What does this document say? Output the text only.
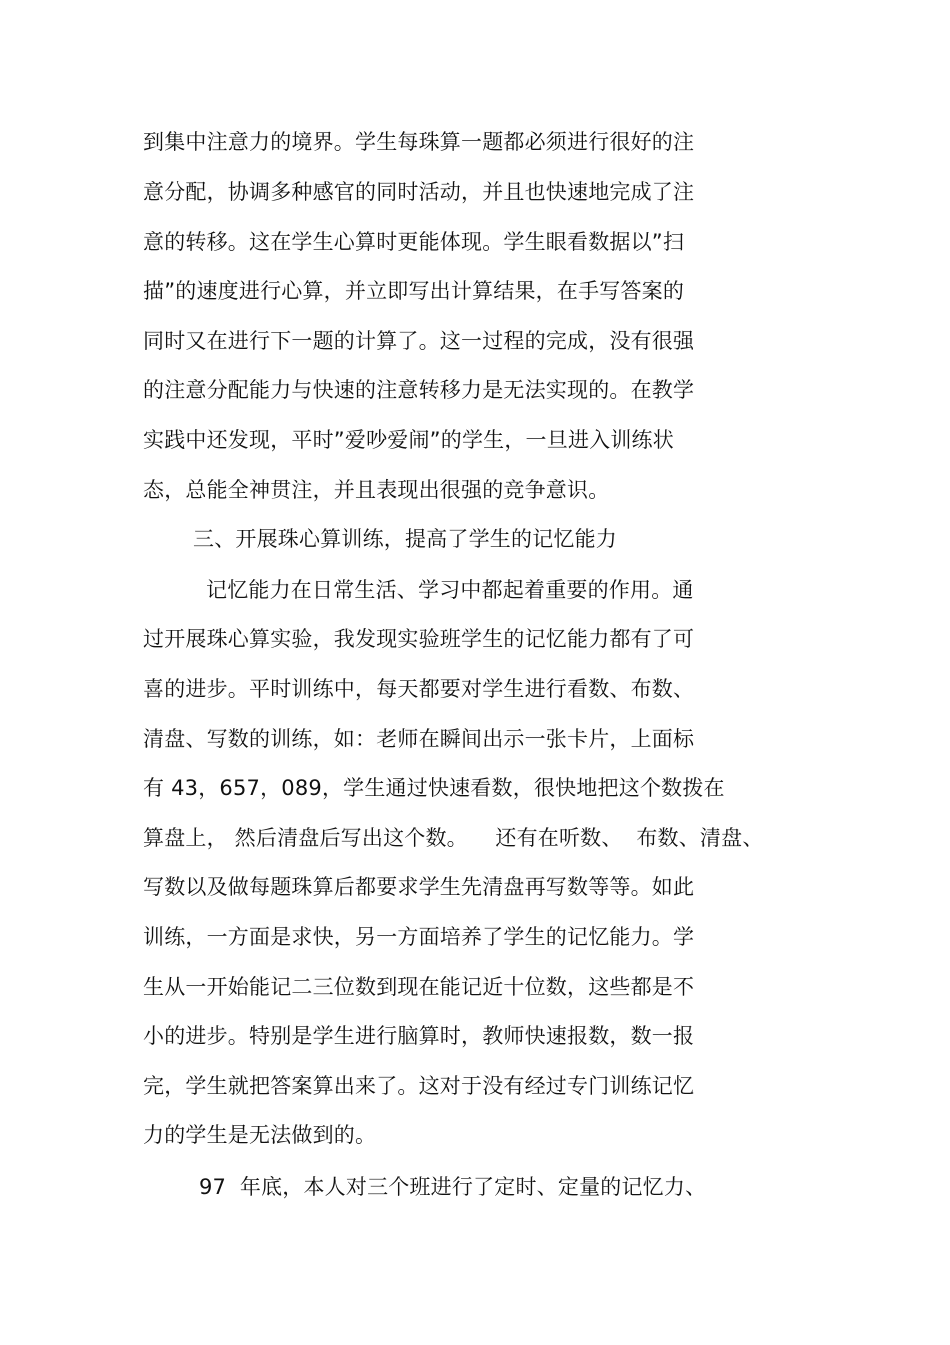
到集中注意力的境界。学生每珠算一题都必须进行很好的注
意分配，协调多种感官的同时活动，并且也快速地完成了注
意的转移。这在学生心算时更能体现。学生眼看数据以”扫
描”的速度进行心算，并立即写出计算结果，在手写答案的
同时又在进行下一题的计算了。这一过程的完成，没有很强
的注意分配能力与快速的注意转移力是无法实现的。在教学
实践中还发现，平时”爱吵爱闹”的学生，一旦进入训练状
态，总能全神贯注，并且表现出很强的竞争意识。
三、开展珠心算训练，提高了学生的记忆能力
记忆能力在日常生活、学习中都起着重要的作用。通
过开展珠心算实验，我发现实验班学生的记忆能力都有了可
喜的进步。平时训练中，每天都要对学生进行看数、布数、
清盘、写数的训练，如：老师在瞬间出示一张卡片，上面标
有 43，657，089，学生通过快速看数，很快地把这个数拨在
算盘上， 然后清盘后写出这个数。    还有在听数、  布数、清盘、
写数以及做每题珠算后都要求学生先清盘再写数等等。如此
训练，一方面是求快，另一方面培养了学生的记忆能力。学
生从一开始能记二三位数到现在能记近十位数，这些都是不
小的进步。特别是学生进行脑算时，教师快速报数，数一报
完，学生就把答案算出来了。这对于没有经过专门训练记忆
力的学生是无法做到的。
97  年底，本人对三个班进行了定时、定量的记忆力、
